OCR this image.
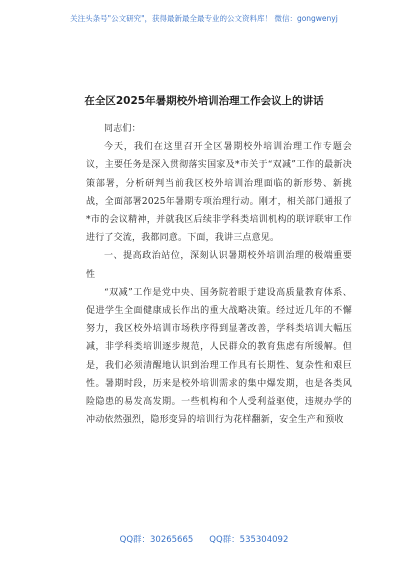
关注头条号"公文研究"，获得最新最全最专业的公文资料库！ 微信：gongwenyj
在全区2025年暑期校外培训治理工作会议上的讲话

同志们：

今天，我们在这里召开全区暑期校外培训治理工作专题会议，主要任务是深入贯彻落实国家及*市关于“双减”工作的最新决策部署，分析研判当前我区校外培训治理面临的新形势、新挑战，全面部署2025年暑期专项治理行动。刚才，相关部门通报了*市的会议精神，并就我区后续非学科类培训机构的联评联审工作进行了交流，我都同意。下面，我讲三点意见。

一、提高政治站位，深刻认识暑期校外培训治理的极端重要性

“双减”工作是党中央、国务院着眼于建设高质量教育体系、促进学生全面健康成长作出的重大战略决策。经过近几年的不懈努力，我区校外培训市场秩序得到显著改善，学科类培训大幅压减，非学科类培训逐步规范，人民群众的教育焦虑有所缓解。但是，我们必须清醒地认识到治理工作具有长期性、复杂性和艰巨性。暑期时段，历来是校外培训需求的集中爆发期，也是各类风险隐患的易发高发期。一些机构和个人受利益驱使，违规办学的冲动依然强烈，隐形变异的培训行为花样翻新，安全生产和预收

QQ群：30265665 QQ群：535304092
